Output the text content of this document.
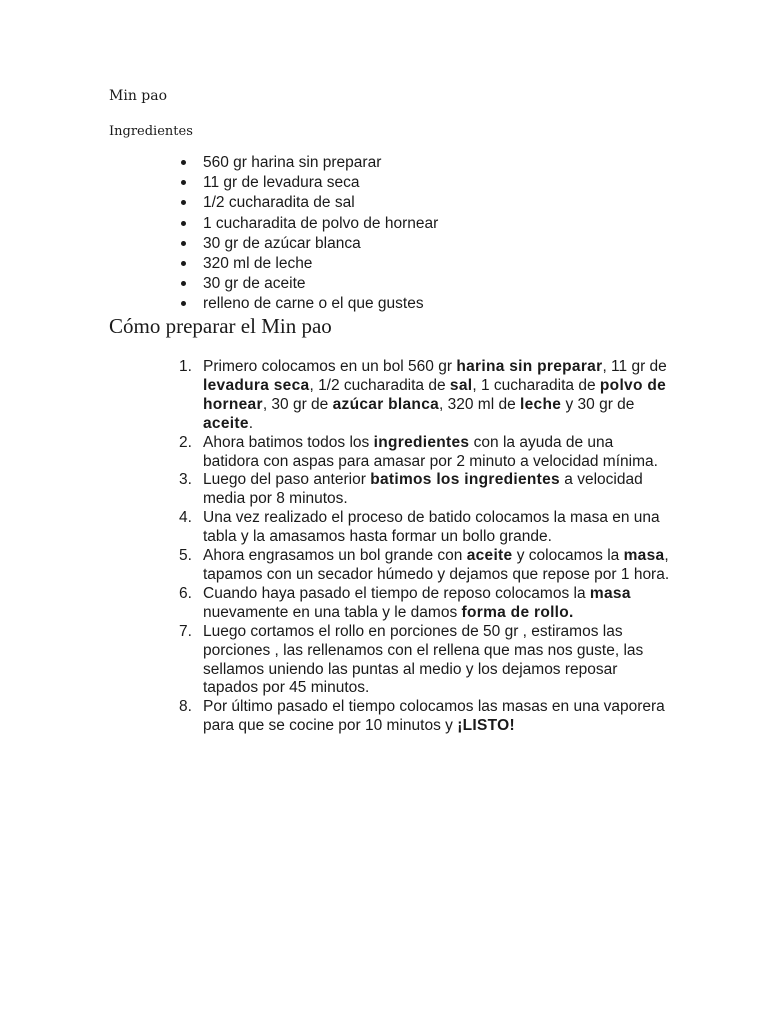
Min pao
Ingredientes
560 gr harina sin preparar
11 gr de levadura seca
1/2 cucharadita de sal
1 cucharadita de polvo de hornear
30 gr de azúcar blanca
320 ml de leche
30 gr de aceite
relleno de carne o el que gustes
Cómo preparar el Min pao
1. Primero colocamos en un bol 560 gr harina sin preparar, 11 gr de levadura seca, 1/2 cucharadita de sal, 1 cucharadita de polvo de hornear, 30 gr de azúcar blanca, 320 ml de leche y 30 gr de aceite.
2. Ahora batimos todos los ingredientes con la ayuda de una batidora con aspas para amasar por 2 minuto a velocidad mínima.
3. Luego del paso anterior batimos los ingredientes a velocidad media por 8 minutos.
4. Una vez realizado el proceso de batido colocamos la masa en una tabla y la amasamos hasta formar un bollo grande.
5. Ahora engrasamos un bol grande con aceite y colocamos la masa, tapamos con un secador húmedo y dejamos que repose por 1 hora.
6. Cuando haya pasado el tiempo de reposo colocamos la masa nuevamente en una tabla y le damos forma de rollo.
7. Luego cortamos el rollo en porciones de 50 gr , estiramos las porciones , las rellenamos con el rellena que mas nos guste, las sellamos uniendo las puntas al medio y los dejamos reposar tapados por 45 minutos.
8. Por último pasado el tiempo colocamos las masas en una vaporera para que se cocine por 10 minutos y ¡LISTO!
